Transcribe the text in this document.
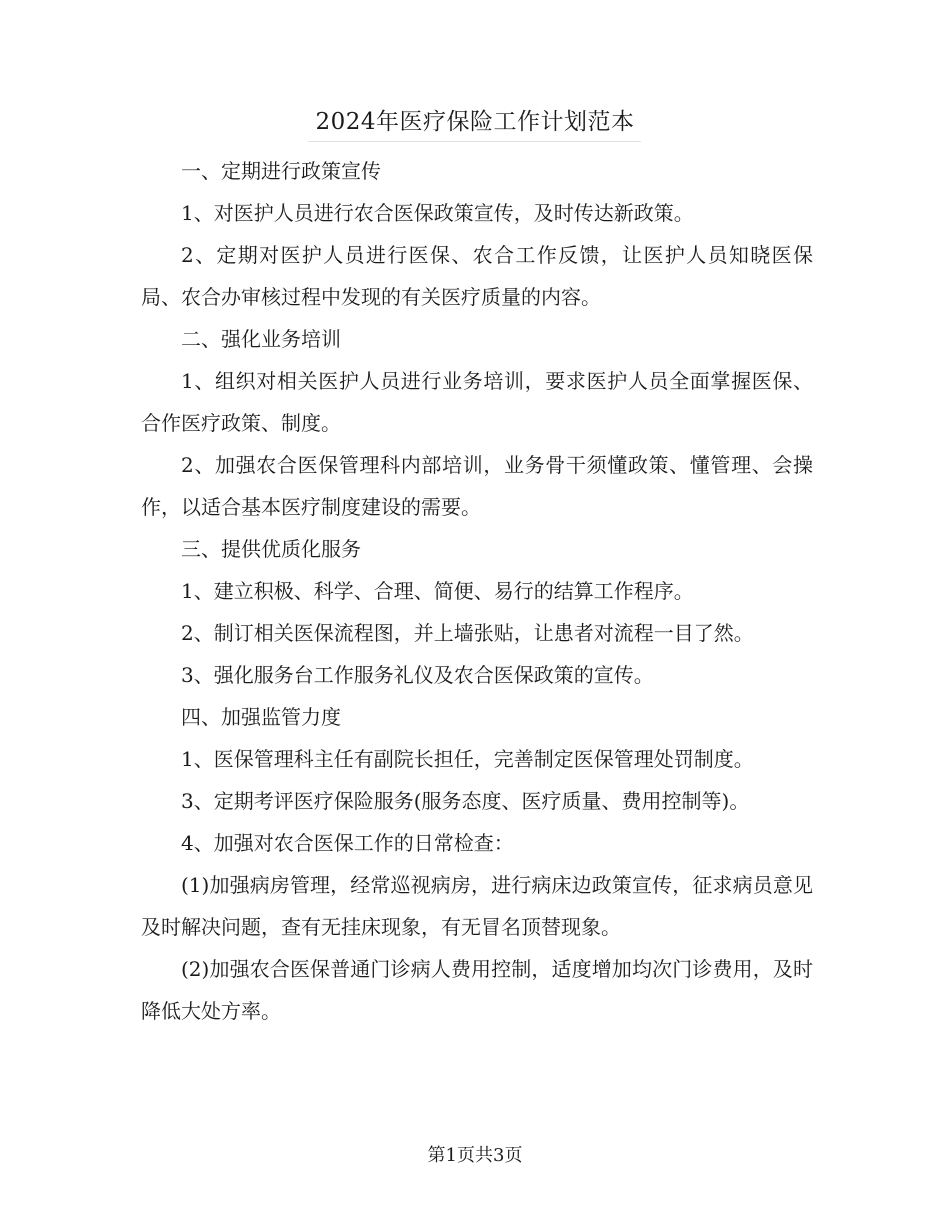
2024年医疗保险工作计划范本

一、定期进行政策宣传

1、对医护人员进行农合医保政策宣传，及时传达新政策。

2、定期对医护人员进行医保、农合工作反馈，让医护人员知晓医保局、农合办审核过程中发现的有关医疗质量的内容。

二、强化业务培训

1、组织对相关医护人员进行业务培训，要求医护人员全面掌握医保、合作医疗政策、制度。

2、加强农合医保管理科内部培训，业务骨干须懂政策、懂管理、会操作，以适合基本医疗制度建设的需要。

三、提供优质化服务

1、建立积极、科学、合理、简便、易行的结算工作程序。

2、制订相关医保流程图，并上墙张贴，让患者对流程一目了然。

3、强化服务台工作服务礼仪及农合医保政策的宣传。

四、加强监管力度

1、医保管理科主任有副院长担任，完善制定医保管理处罚制度。

3、定期考评医疗保险服务(服务态度、医疗质量、费用控制等)。

4、加强对农合医保工作的日常检查：

(1)加强病房管理，经常巡视病房，进行病床边政策宣传，征求病员意见及时解决问题，查有无挂床现象，有无冒名顶替现象。

(2)加强农合医保普通门诊病人费用控制，适度增加均次门诊费用，及时降低大处方率。

第1页共3页
